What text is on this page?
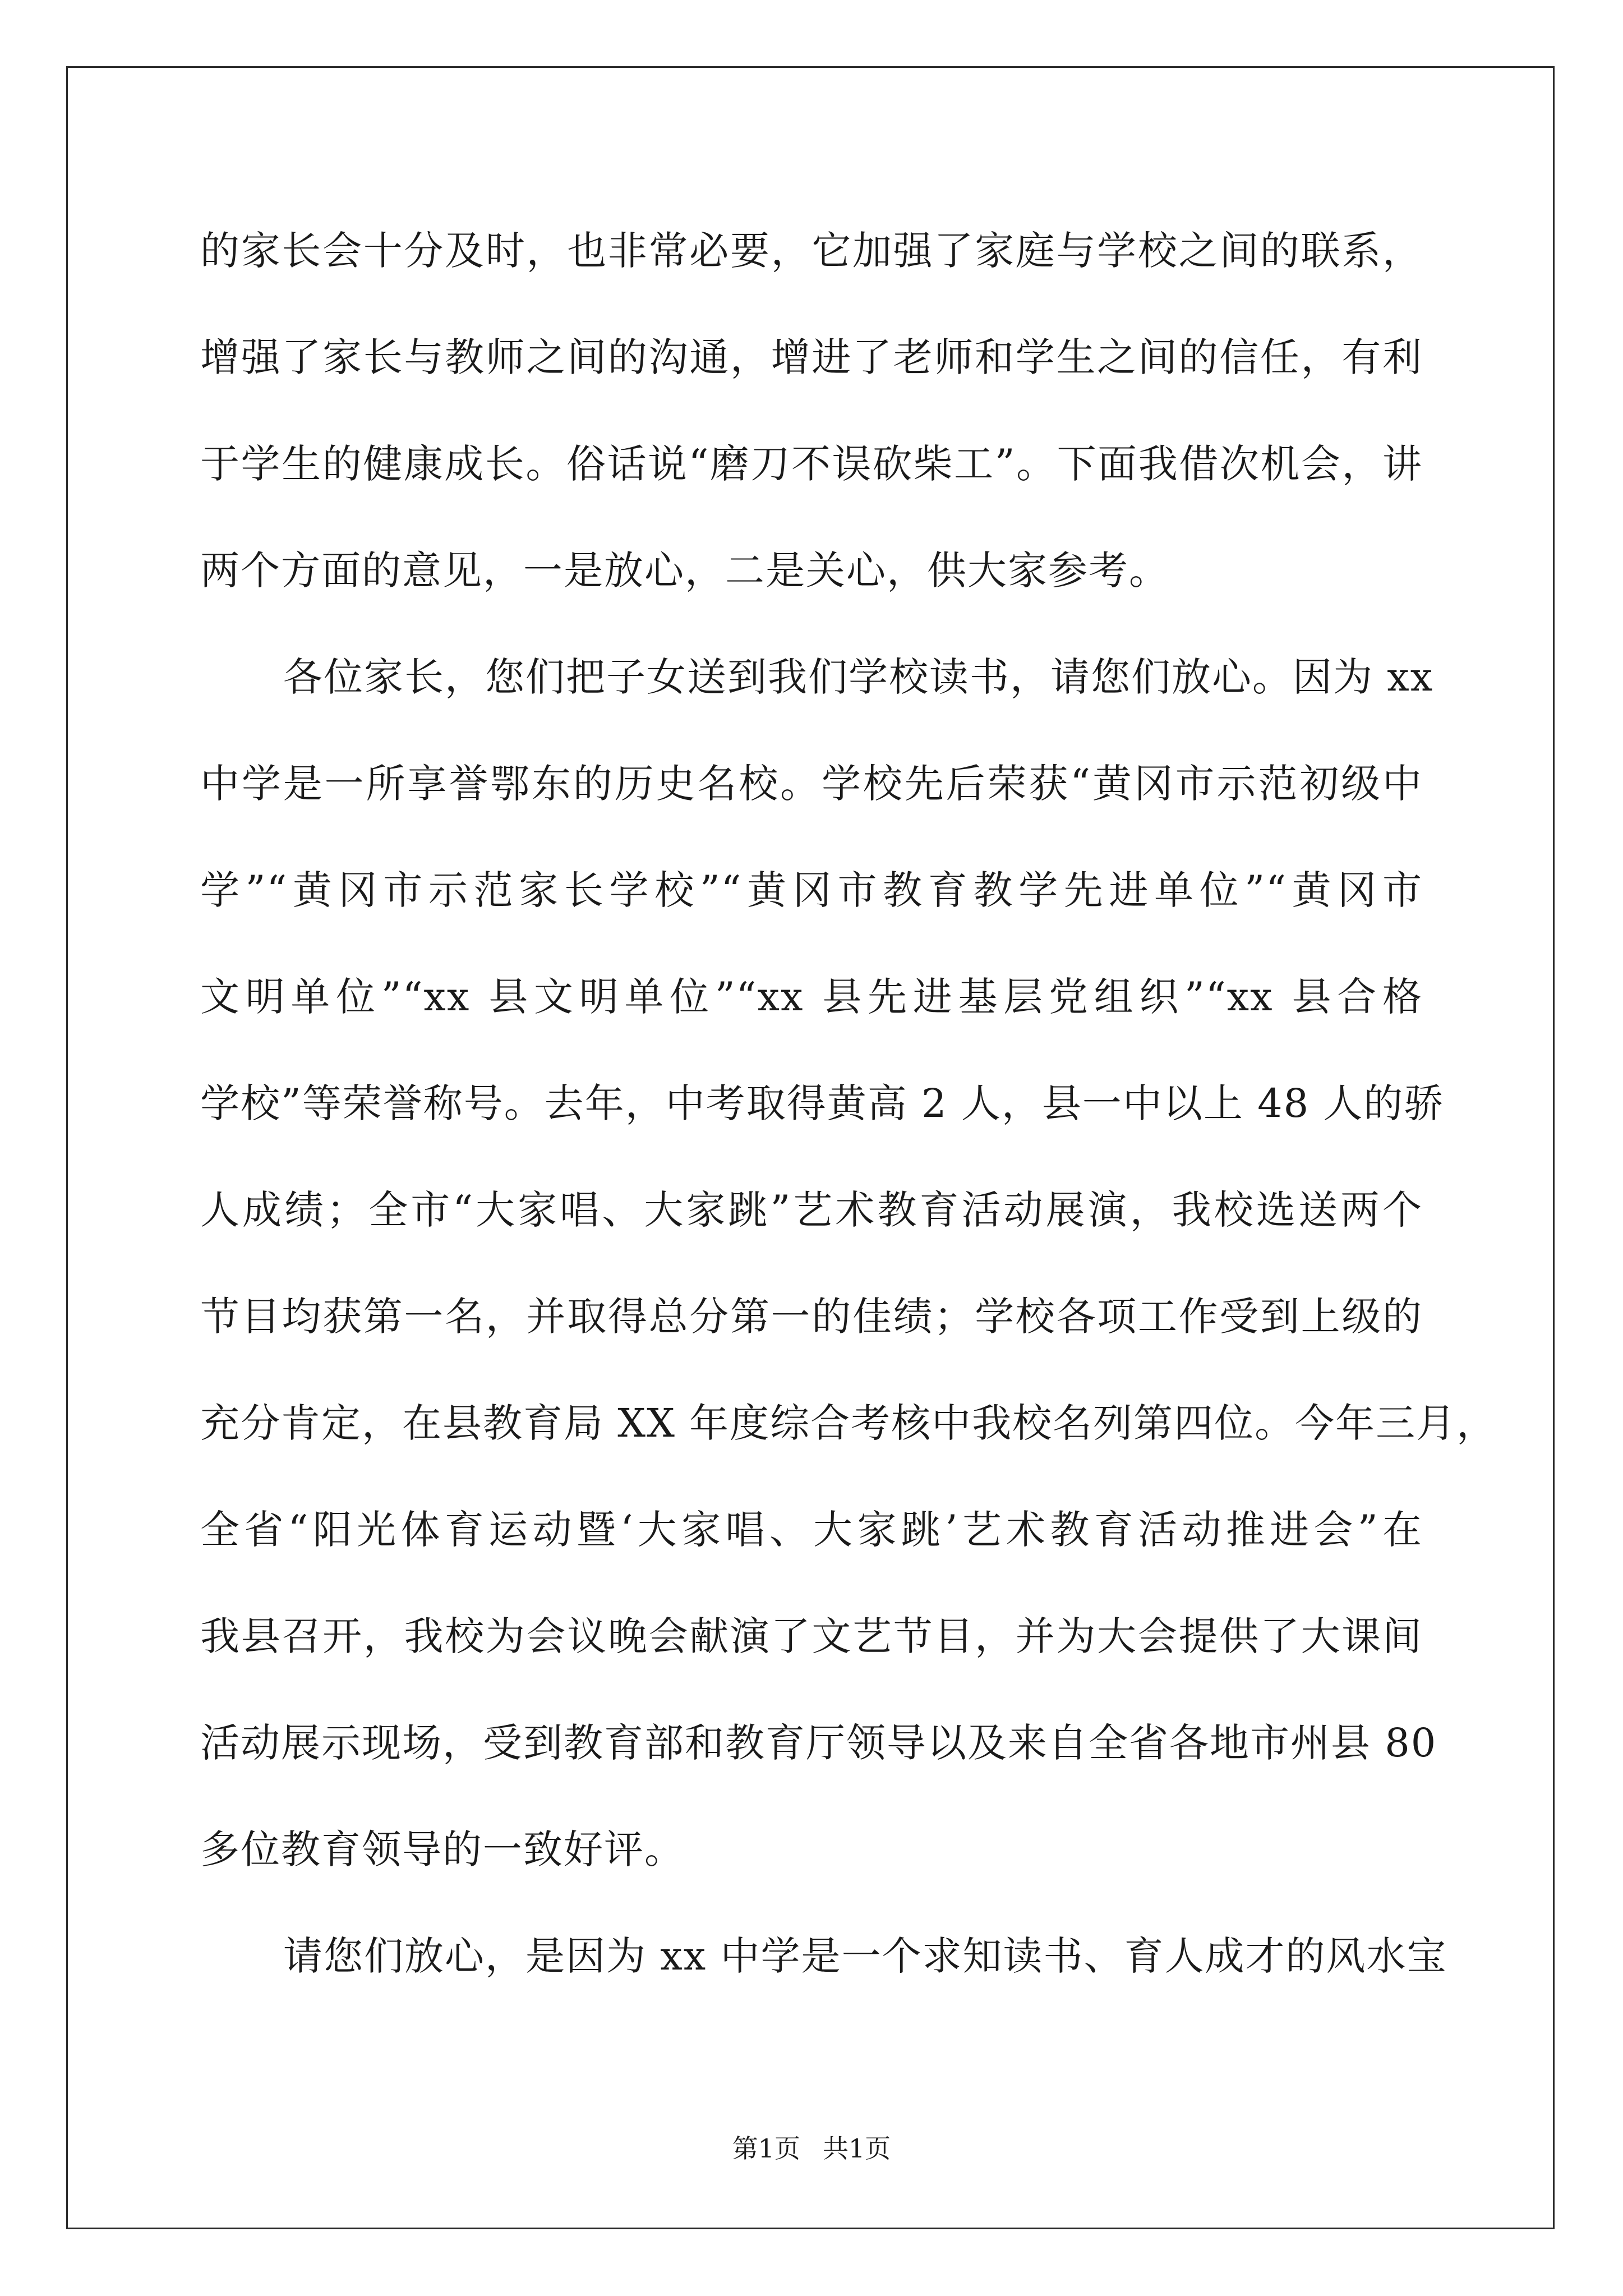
的家长会十分及时，也非常必要，它加强了家庭与学校之间的联系，
增强了家长与教师之间的沟通，增进了老师和学生之间的信任，有利
于学生的健康成长。俗话说“磨刀不误砍柴工”。下面我借次机会，讲
两个方面的意见，一是放心，二是关心，供大家参考。
各位家长，您们把子女送到我们学校读书，请您们放心。因为 xx
中学是一所享誉鄂东的历史名校。学校先后荣获“黄冈市示范初级中
学”“黄冈市示范家长学校”“黄冈市教育教学先进单位”“黄冈市
文明单位”“xx 县文明单位”“xx 县先进基层党组织”“xx 县合格
学校”等荣誉称号。去年，中考取得黄高 2 人，县一中以上 48 人的骄
人成绩；全市“大家唱、大家跳”艺术教育活动展演，我校选送两个
节目均获第一名，并取得总分第一的佳绩；学校各项工作受到上级的
充分肯定，在县教育局 XX 年度综合考核中我校名列第四位。今年三月，
全省“阳光体育运动暨‘大家唱、大家跳’艺术教育活动推进会”在
我县召开，我校为会议晚会献演了文艺节目，并为大会提供了大课间
活动展示现场，受到教育部和教育厅领导以及来自全省各地市州县 80
多位教育领导的一致好评。
请您们放心，是因为 xx 中学是一个求知读书、育人成才的风水宝
第1页 共1页
